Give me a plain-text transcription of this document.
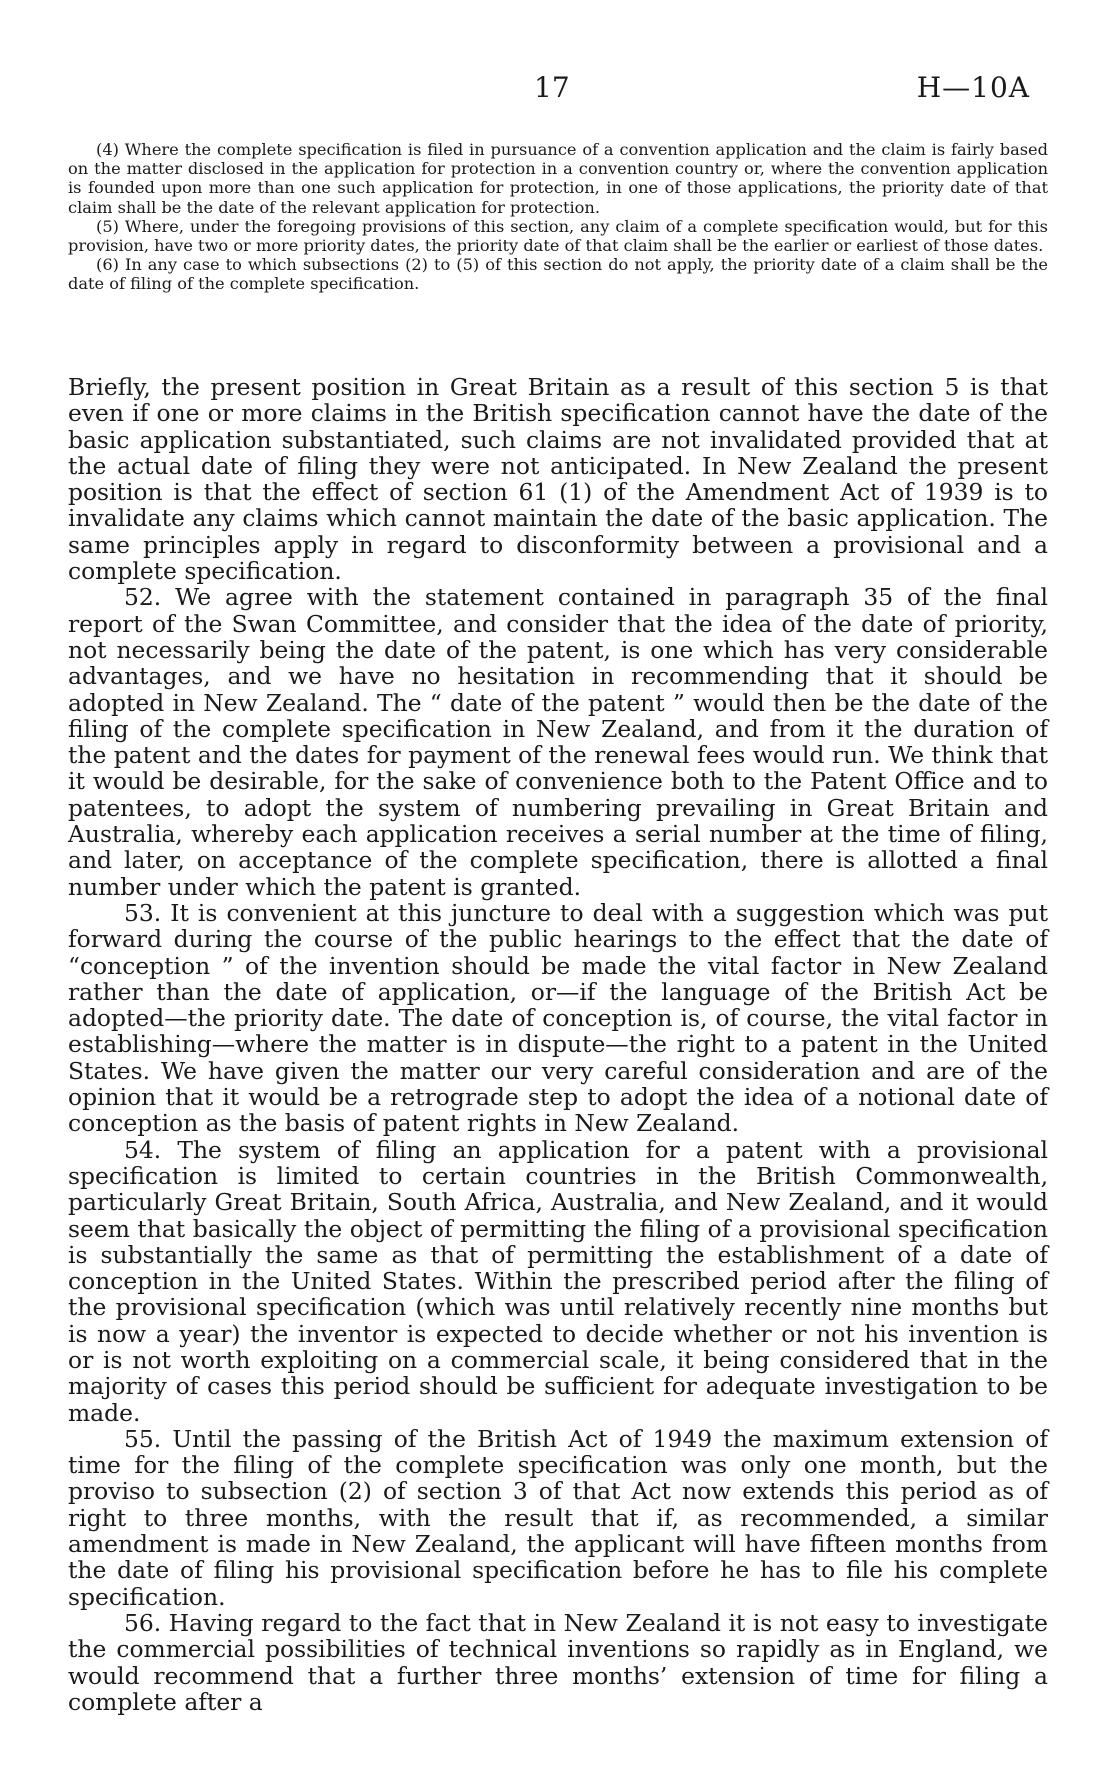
17	H—10A

(4) Where the complete specification is filed in pursuance of a convention application and the claim is fairly based on the matter disclosed in the application for protection in a convention country or, where the convention application is founded upon more than one such application for protection, in one of those applications, the priority date of that claim shall be the date of the relevant application for protection.

(5) Where, under the foregoing provisions of this section, any claim of a complete specification would, but for this provision, have two or more priority dates, the priority date of that claim shall be the earlier or earliest of those dates.

(6) In any case to which subsections (2) to (5) of this section do not apply, the priority date of a claim shall be the date of filing of the complete specification.

Briefly, the present position in Great Britain as a result of this section 5 is that even if one or more claims in the British specification cannot have the date of the basic application substantiated, such claims are not invalidated provided that at the actual date of filing they were not anticipated. In New Zealand the present position is that the effect of section 61 (1) of the Amendment Act of 1939 is to invalidate any claims which cannot maintain the date of the basic application. The same principles apply in regard to disconformity between a provisional and a complete specification.

52. We agree with the statement contained in paragraph 35 of the final report of the Swan Committee, and consider that the idea of the date of priority, not necessarily being the date of the patent, is one which has very considerable advantages, and we have no hesitation in recommending that it should be adopted in New Zealand. The “ date of the patent ” would then be the date of the filing of the complete specification in New Zealand, and from it the duration of the patent and the dates for payment of the renewal fees would run. We think that it would be desirable, for the sake of convenience both to the Patent Office and to patentees, to adopt the system of numbering prevailing in Great Britain and Australia, whereby each application receives a serial number at the time of filing, and later, on acceptance of the complete specification, there is allotted a final number under which the patent is granted.

53. It is convenient at this juncture to deal with a suggestion which was put forward during the course of the public hearings to the effect that the date of “conception ” of the invention should be made the vital factor in New Zealand rather than the date of application, or—if the language of the British Act be adopted—the priority date. The date of conception is, of course, the vital factor in establishing—where the matter is in dispute—the right to a patent in the United States. We have given the matter our very careful consideration and are of the opinion that it would be a retrograde step to adopt the idea of a notional date of conception as the basis of patent rights in New Zealand.

54. The system of filing an application for a patent with a provisional specification is limited to certain countries in the British Commonwealth, particularly Great Britain, South Africa, Australia, and New Zealand, and it would seem that basically the object of permitting the filing of a provisional specification is substantially the same as that of permitting the establishment of a date of conception in the United States. Within the prescribed period after the filing of the provisional specification (which was until relatively recently nine months but is now a year) the inventor is expected to decide whether or not his invention is or is not worth exploiting on a commercial scale, it being considered that in the majority of cases this period should be sufficient for adequate investigation to be made.

55. Until the passing of the British Act of 1949 the maximum extension of time for the filing of the complete specification was only one month, but the proviso to subsection (2) of section 3 of that Act now extends this period as of right to three months, with the result that if, as recommended, a similar amendment is made in New Zealand, the applicant will have fifteen months from the date of filing his provisional specification before he has to file his complete specification.

56. Having regard to the fact that in New Zealand it is not easy to investigate the commercial possibilities of technical inventions so rapidly as in England, we would recommend that a further three months’ extension of time for filing a complete after a
